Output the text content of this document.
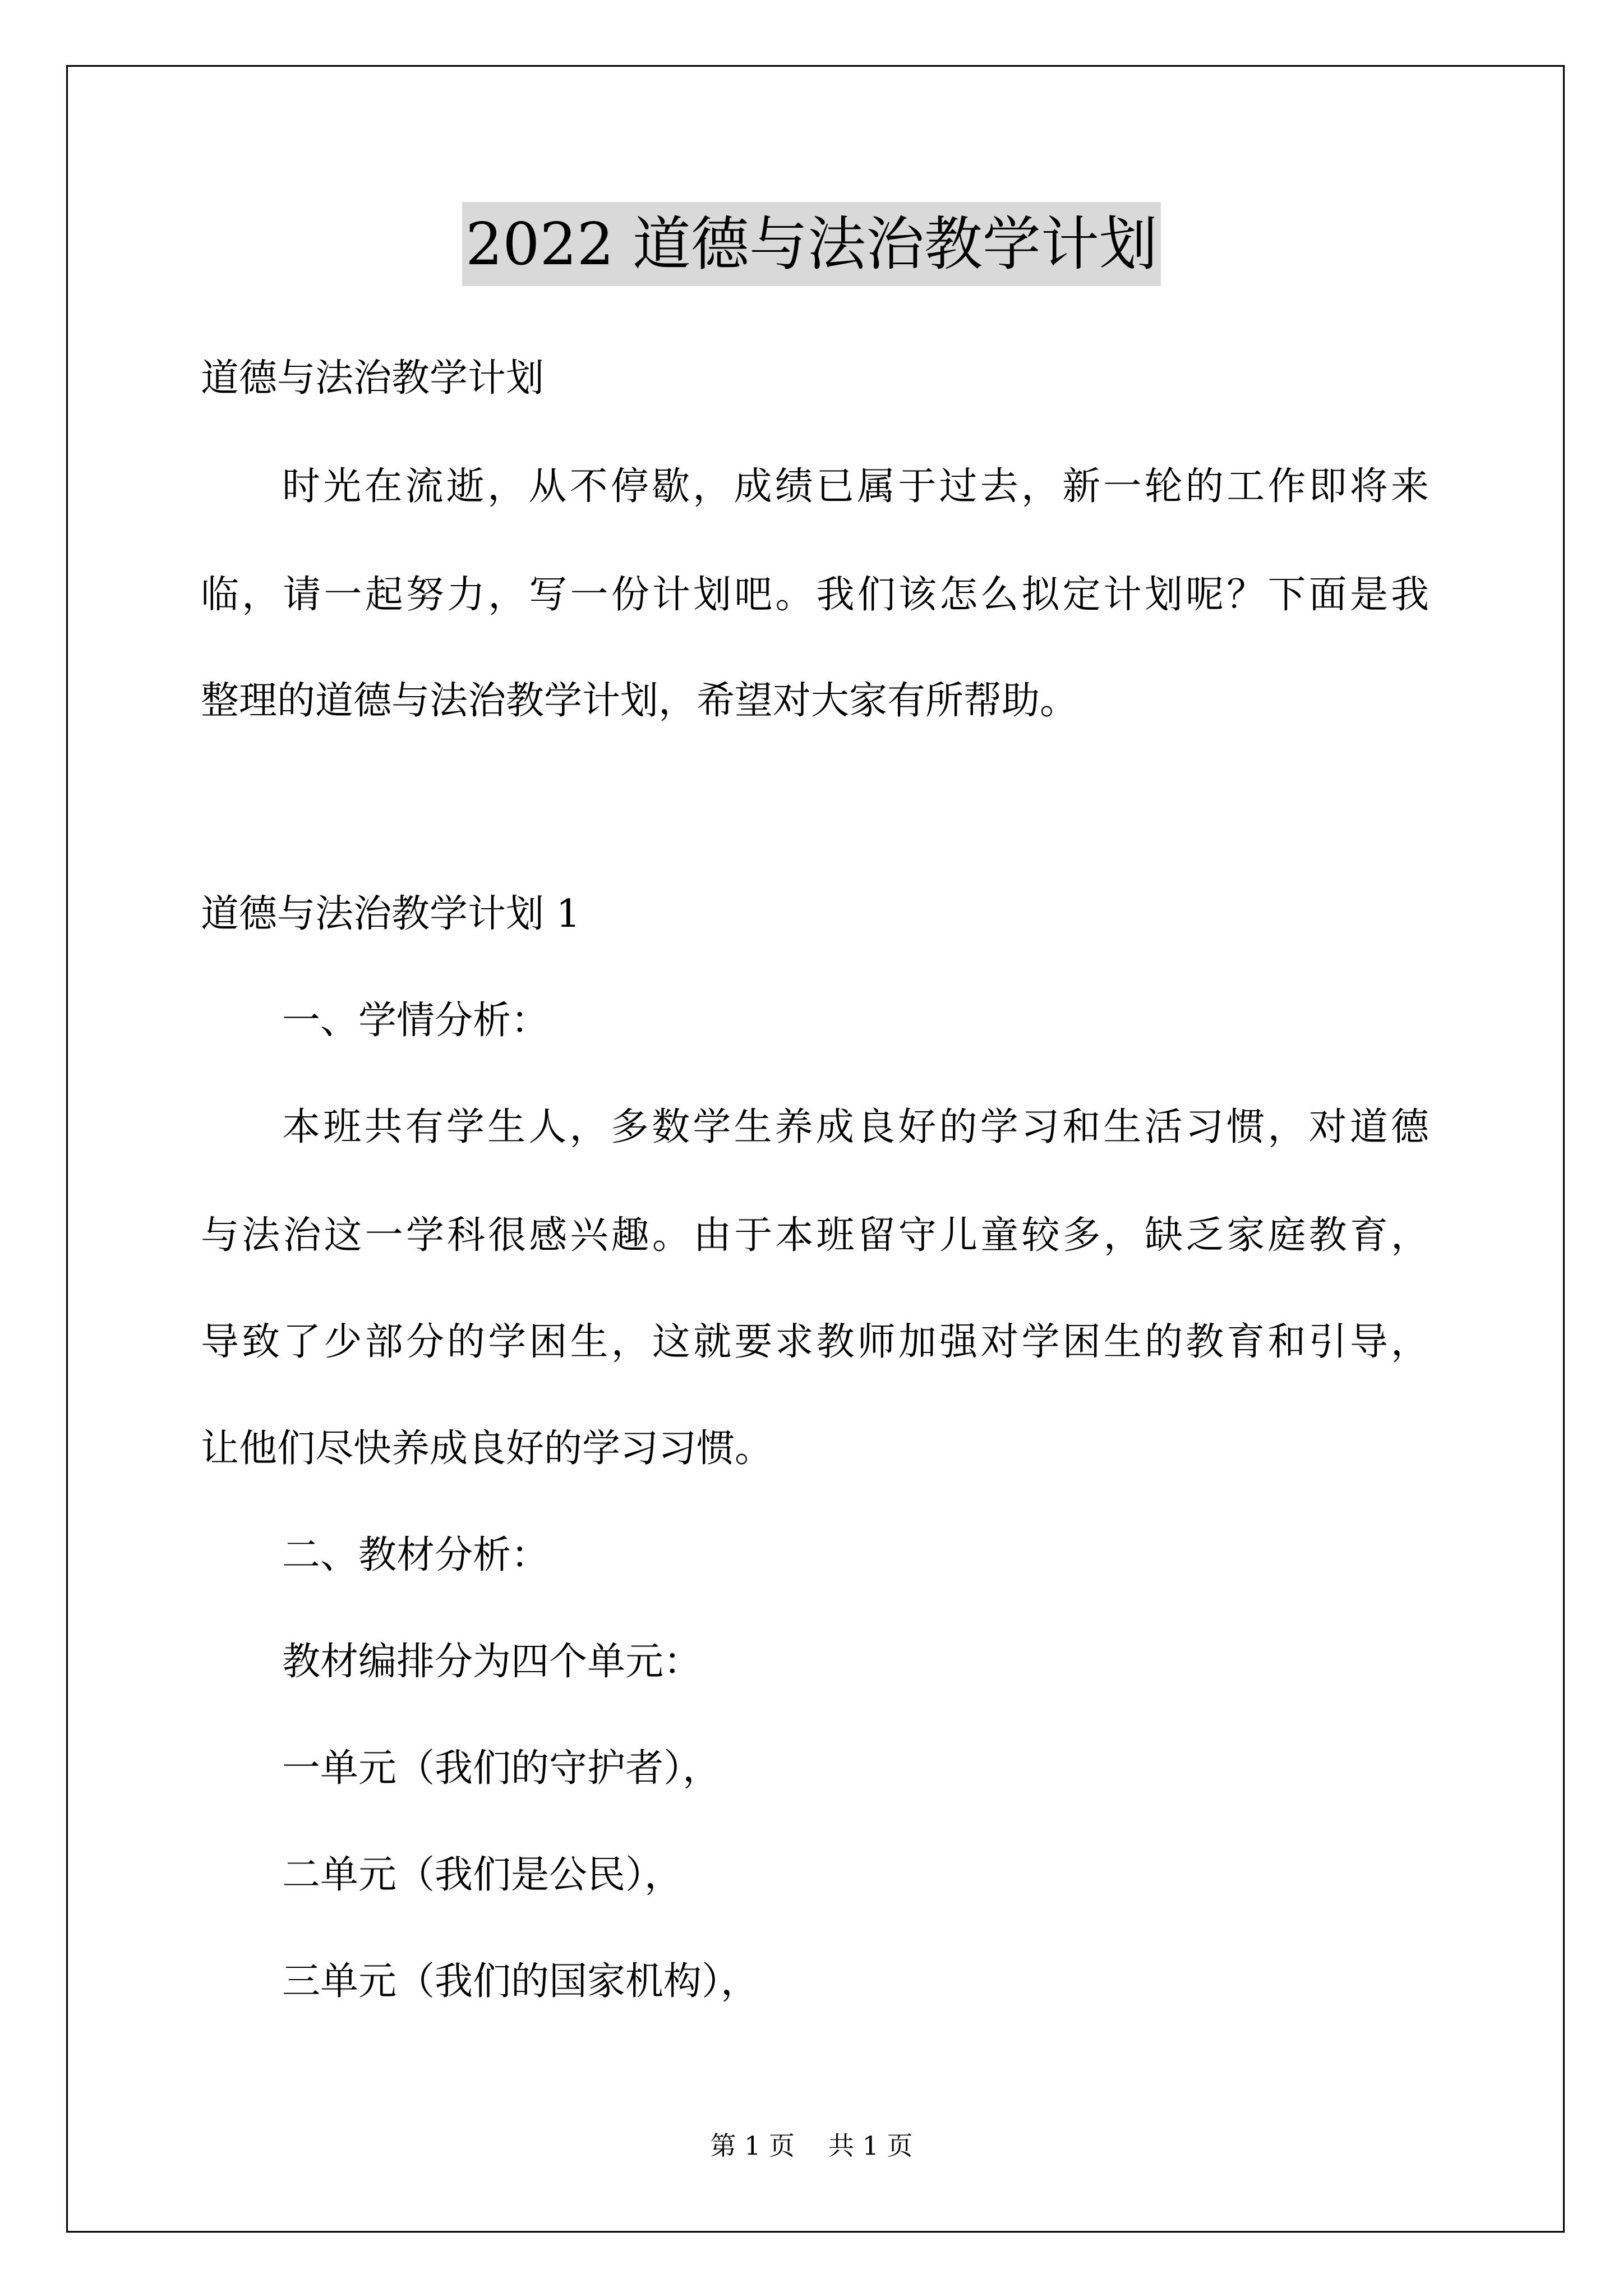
2022 道德与法治教学计划
道德与法治教学计划
时光在流逝，从不停歇，成绩已属于过去，新一轮的工作即将来
临，请一起努力，写一份计划吧。我们该怎么拟定计划呢？下面是我
整理的道德与法治教学计划，希望对大家有所帮助。
道德与法治教学计划 1
一、学情分析：
本班共有学生人，多数学生养成良好的学习和生活习惯，对道德
与法治这一学科很感兴趣。由于本班留守儿童较多，缺乏家庭教育，
导致了少部分的学困生，这就要求教师加强对学困生的教育和引导，
让他们尽快养成良好的学习习惯。
二、教材分析：
教材编排分为四个单元：
一单元（我们的守护者），
二单元（我们是公民），
三单元（我们的国家机构），
第 1 页 共 1 页
